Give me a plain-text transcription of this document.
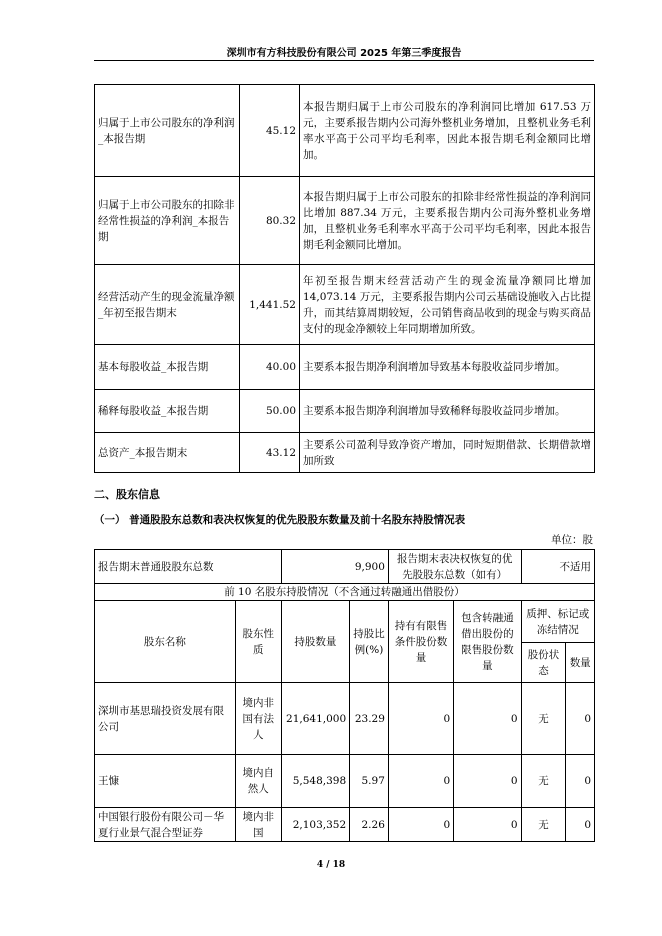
深圳市有方科技股份有限公司 2025 年第三季度报告
归属于上市公司股东的净利润_本报告期	45.12	本报告期归属于上市公司股东的净利润同比增加 617.53 万元，主要系报告期内公司海外整机业务增加，且整机业务毛利率水平高于公司平均毛利率，因此本报告期毛利金额同比增加。
归属于上市公司股东的扣除非经常性损益的净利润_本报告期	80.32	本报告期归属于上市公司股东的扣除非经常性损益的净利润同比增加 887.34 万元，主要系报告期内公司海外整机业务增加，且整机业务毛利率水平高于公司平均毛利率，因此本报告期毛利金额同比增加。
经营活动产生的现金流量净额_年初至报告期末	1,441.52	年初至报告期末经营活动产生的现金流量净额同比增加 14,073.14 万元，主要系报告期内公司云基础设施收入占比提升，而其结算周期较短，公司销售商品收到的现金与购买商品支付的现金净额较上年同期增加所致。
基本每股收益_本报告期	40.00	主要系本报告期净利润增加导致基本每股收益同步增加。
稀释每股收益_本报告期	50.00	主要系本报告期净利润增加导致稀释每股收益同步增加。
总资产_本报告期末	43.12	主要系公司盈利导致净资产增加，同时短期借款、长期借款增加所致
二、股东信息
（一） 普通股股东总数和表决权恢复的优先股股东数量及前十名股东持股情况表
单位：股
报告期末普通股股东总数		9,900		报告期末表决权恢复的优先股股东总数（如有）		不适用	
前 10 名股东持股情况（不含通过转融通出借股份）							
股东名称	股东性质	持股数量	持股比例(%)	持有有限售条件股份数量	包含转融通借出股份的限售股份数量	质押、标记或冻结情况	
						股份状态	数量
深圳市基思瑞投资发展有限公司	境内非国有法人	21,641,000	23.29	0	0	无	0
王慷	境内自然人	5,548,398	5.97	0	0	无	0
中国银行股份有限公司－华夏行业景气混合型证券	境内非国	2,103,352	2.26	0	0	无	0
4 / 18
